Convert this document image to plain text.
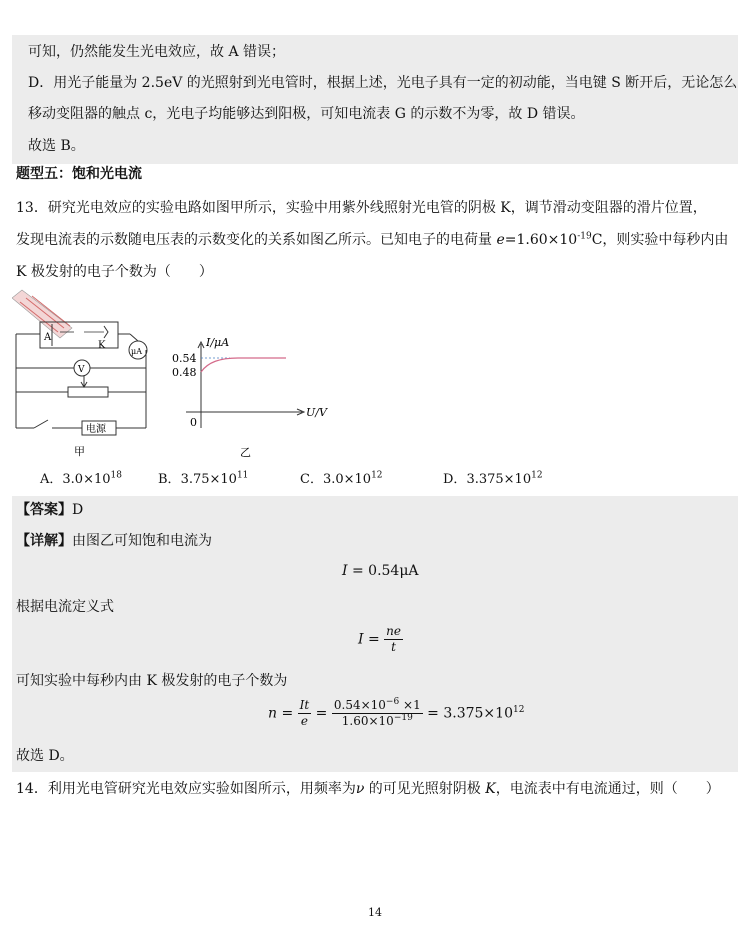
可知，仍然能发生光电效应，故 A 错误；
D．用光子能量为 2.5eV 的光照射到光电管时，根据上述，光电子具有一定的初动能，当电键 S 断开后，无论怎么
移动变阻器的触点 c，光电子均能够达到阳极，可知电流表 G 的示数不为零，故 D 错误。
故选 B。
题型五：饱和光电流
13．研究光电效应的实验电路如图甲所示，实验中用紫外线照射光电管的阴极 K，调节滑动变阻器的滑片位置，
发现电流表的示数随电压表的示数变化的关系如图乙所示。已知电子的电荷量 $e=1.60\times 10^{-19}C$，则实验中每秒内由
K 极发射的电子个数为（　　）
A
K
μA
V
电源
甲
I/μA
U/V
0
0.54
0.48
乙
A．$3.0\times 10^{18}$	B．$3.75\times 10^{11}$	C．$3.0\times 10^{12}$	D．$3.375\times 10^{12}$
【答案】D
【详解】由图乙可知饱和电流为
I = 0.54μA
根据电流定义式
$I = \frac{ne}{t}$
可知实验中每秒内由 K 极发射的电子个数为
$n = \frac{It}{e} = \frac{0.54\times 10^{-6} \times 1}{1.60\times 10^{-19}} = 3.375\times 10^{12}$
故选 D。
14．利用光电管研究光电效应实验如图所示，用频率为ν 的可见光照射阴极 K，电流表中有电流通过，则（　　）
14
